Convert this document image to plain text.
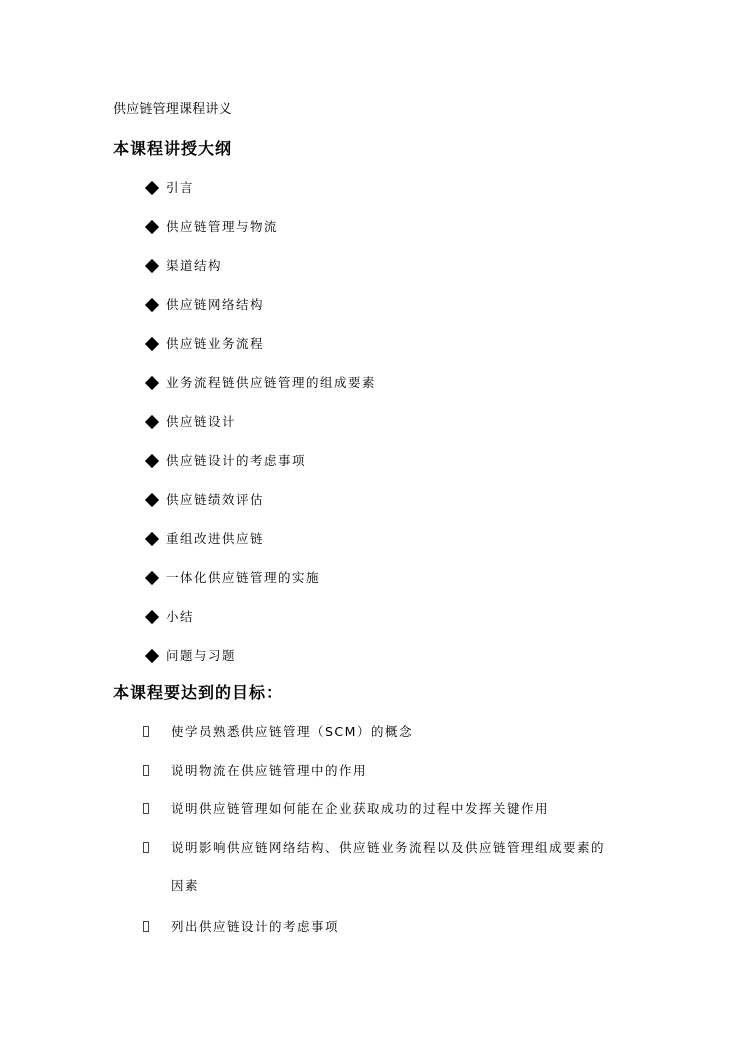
供应链管理课程讲义
本课程讲授大纲
引言
供应链管理与物流
渠道结构
供应链网络结构
供应链业务流程
业务流程链供应链管理的组成要素
供应链设计
供应链设计的考虑事项
供应链绩效评估
重组改进供应链
一体化供应链管理的实施
小结
问题与习题
本课程要达到的目标：
使学员熟悉供应链管理（SCM）的概念
说明物流在供应链管理中的作用
说明供应链管理如何能在企业获取成功的过程中发挥关键作用
说明影响供应链网络结构、供应链业务流程以及供应链管理组成要素的
因素
列出供应链设计的考虑事项
